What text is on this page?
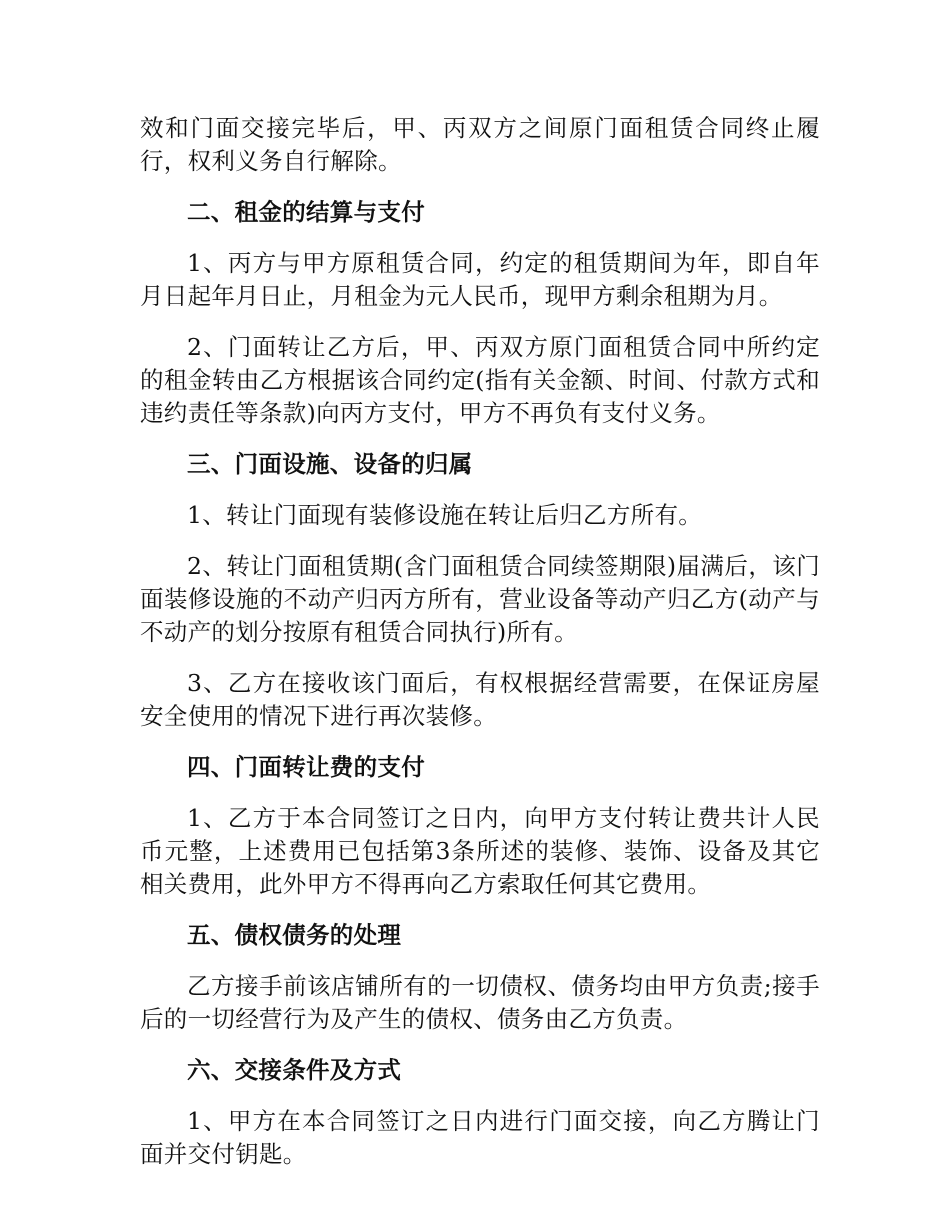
效和门面交接完毕后，甲、丙双方之间原门面租赁合同终止履行，权利义务自行解除。

二、租金的结算与支付

1、丙方与甲方原租赁合同，约定的租赁期间为年，即自年月日起年月日止，月租金为元人民币，现甲方剩余租期为月。

2、门面转让乙方后，甲、丙双方原门面租赁合同中所约定的租金转由乙方根据该合同约定(指有关金额、时间、付款方式和违约责任等条款)向丙方支付，甲方不再负有支付义务。

三、门面设施、设备的归属

1、转让门面现有装修设施在转让后归乙方所有。

2、转让门面租赁期(含门面租赁合同续签期限)届满后，该门面装修设施的不动产归丙方所有，营业设备等动产归乙方(动产与不动产的划分按原有租赁合同执行)所有。

3、乙方在接收该门面后，有权根据经营需要，在保证房屋安全使用的情况下进行再次装修。

四、门面转让费的支付

1、乙方于本合同签订之日内，向甲方支付转让费共计人民币元整，上述费用已包括第3条所述的装修、装饰、设备及其它相关费用，此外甲方不得再向乙方索取任何其它费用。

五、债权债务的处理

乙方接手前该店铺所有的一切债权、债务均由甲方负责;接手后的一切经营行为及产生的债权、债务由乙方负责。

六、交接条件及方式

1、甲方在本合同签订之日内进行门面交接，向乙方腾让门面并交付钥匙。
